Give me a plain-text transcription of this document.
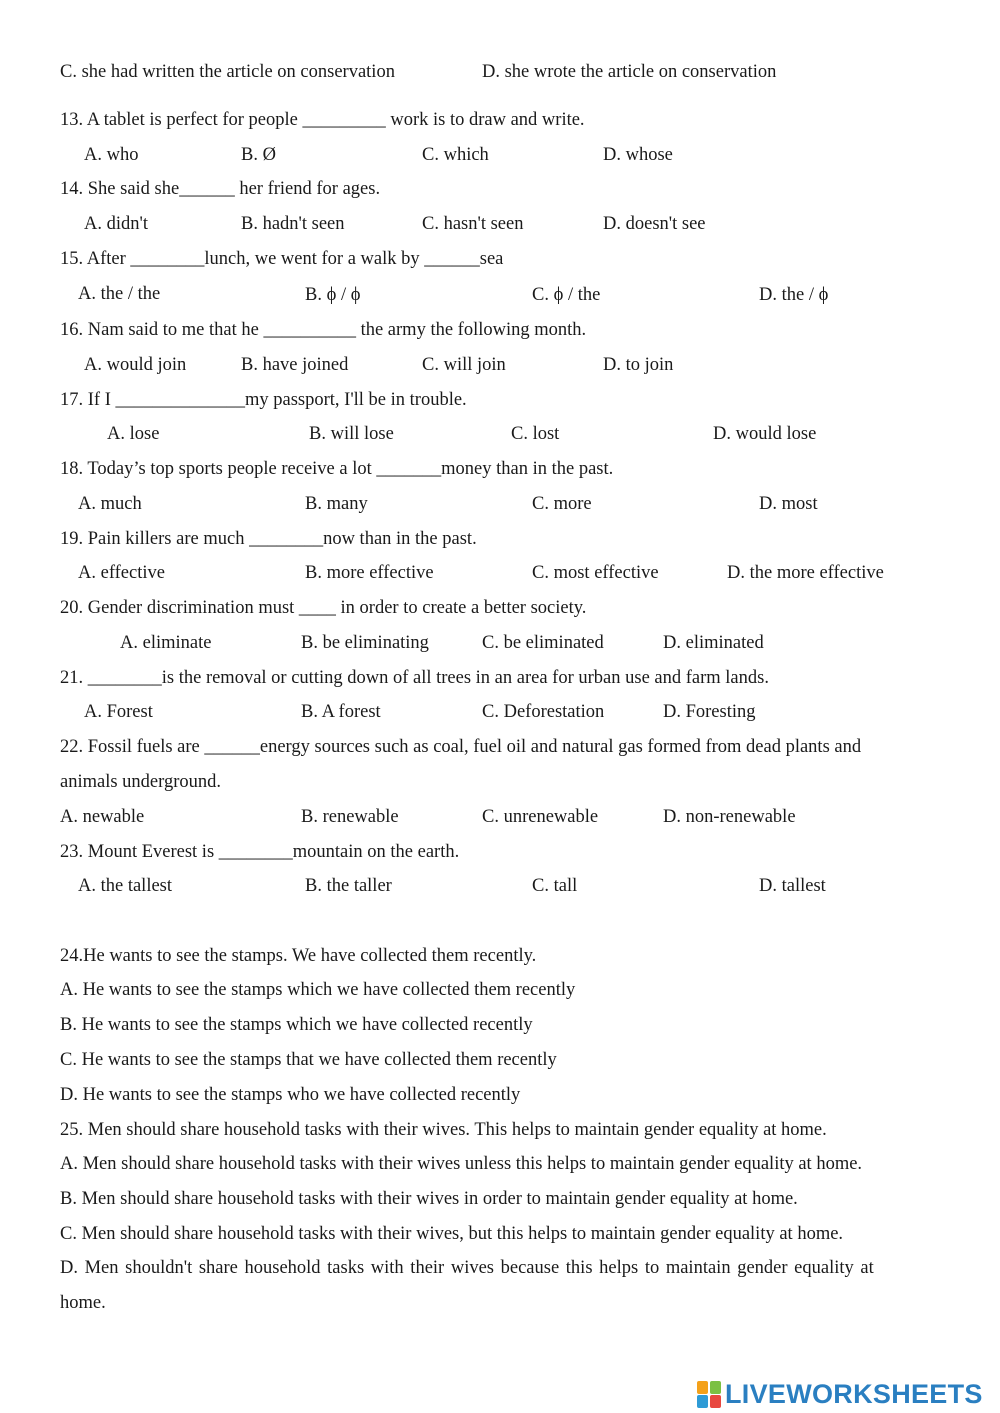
C. she had written the article on conservation	D. she wrote the article on conservation
13. A tablet is perfect for people _________ work is to draw and write.
A. who	B. Ø	C. which	D. whose
14. She said she______ her friend for ages.
A. didn't	B. hadn't seen	C. hasn't seen	D. doesn't see
15. After ________lunch, we went for a walk by ______sea
A. the / the	B. ϕ / ϕ	C. ϕ / the	D. the / ϕ
16. Nam said to me that he __________ the army the following month.
A. would join	B. have joined	C. will join	D. to join
17. If I ______________my passport, I'll be in trouble.
A. lose	B. will lose	C. lost	D. would lose
18. Today’s top sports people receive a lot _______money than in the past.
A. much	B. many	C. more	D. most
19. Pain killers are much ________now than in the past.
A. effective	B. more effective	C. most effective	D. the more effective
20. Gender discrimination must ____ in order to create a better society.
A. eliminate	B. be eliminating	C. be eliminated	D. eliminated
21. ________is the removal or cutting down of all trees in an area for urban use and farm lands.
A. Forest	B. A forest	C. Deforestation	D. Foresting
22. Fossil fuels are ______energy sources such as coal, fuel oil and natural gas formed from dead plants and
animals underground.
A. newable	B. renewable	C. unrenewable	D. non-renewable
23. Mount Everest is ________mountain on the earth.
A. the tallest	B. the taller	C. tall	D. tallest
24.He wants to see the stamps. We have collected them recently.
A. He wants to see the stamps which we have collected them recently
B. He wants to see the stamps which we have collected recently
C. He wants to see the stamps that we have collected them recently
D. He wants to see the stamps who we have collected recently
25. Men should share household tasks with their wives. This helps to maintain gender equality at home.
A. Men should share household tasks with their wives unless this helps to maintain gender equality at home.
B. Men should share household tasks with their wives in order to maintain gender equality at home.
C. Men should share household tasks with their wives, but this helps to maintain gender equality at home.
D. Men shouldn't share household tasks with their wives because this helps to maintain gender equality at
home.
LIVEWORKSHEETS
